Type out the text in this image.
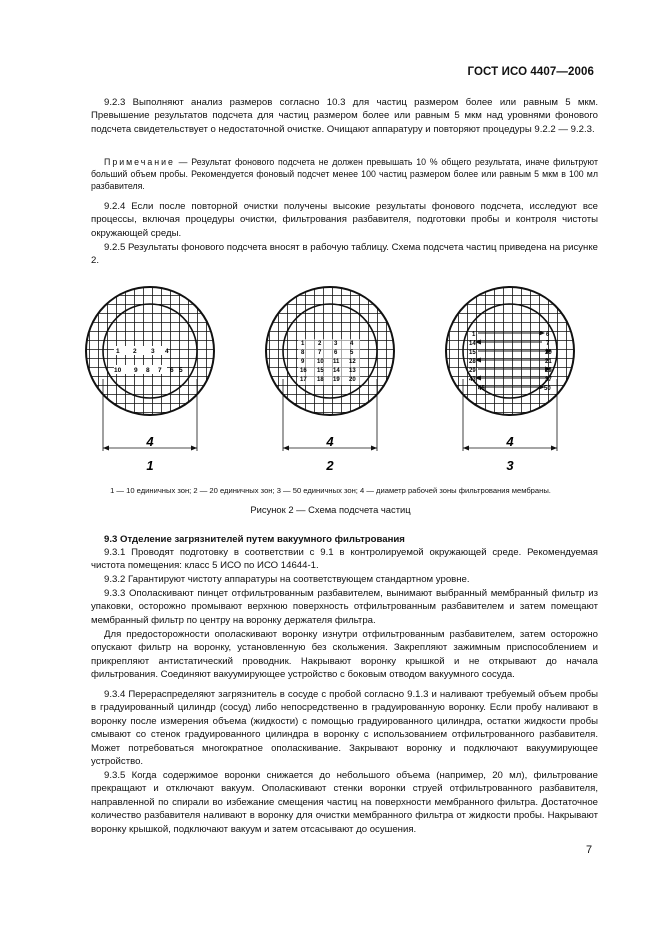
ГОСТ ИСО 4407—2006

9.2.3 Выполняют анализ размеров согласно 10.3 для частиц размером более или равным 5 мкм. Превышение результатов подсчета для частиц размером более или равным 5 мкм над уровнями фонового подсчета свидетельствует о недостаточной очистке. Очищают аппаратуру и повторяют процедуры 9.2.2 — 9.2.3.

Примечание — Результат фонового подсчета не должен превышать 10 % общего результата, иначе фильтруют больший объем пробы. Рекомендуется фоновый подсчет менее 100 частиц размером более или равным 5 мкм в 100 мл разбавителя.

9.2.4 Если после повторной очистки получены высокие результаты фонового подсчета, исследуют все процессы, включая процедуры очистки, фильтрования разбавителя, подготовки пробы и контроля чистоты окружающей среды.

9.2.5 Результаты фонового подсчета вносят в рабочую таблицу. Схема подсчета частиц приведена на рисунке 2.

1 2 3 4
10 9 8 7 6 5
4
1
1 2 3 4
8 7 6 5
9 10 11 12
16 15 14 13
17 18 19 20
4
2
1
14
15
28
29
43
45
6
7
20
21
29
37
50
4
3
1 — 10 единичных зон; 2 — 20 единичных зон; 3 — 50 единичных зон; 4 — диаметр рабочей зоны фильтрования мембраны.
Рисунок 2 — Схема подсчета частиц

9.3 Отделение загрязнителей путем вакуумного фильтрования

9.3.1 Проводят подготовку в соответствии с 9.1 в контролируемой окружающей среде. Рекомендуемая чистота помещения: класс 5 ИСО по ИСО 14644-1.

9.3.2 Гарантируют чистоту аппаратуры на соответствующем стандартном уровне.

9.3.3 Ополаскивают пинцет отфильтрованным разбавителем, вынимают выбранный мембранный фильтр из упаковки, осторожно промывают верхнюю поверхность отфильтрованным разбавителем и затем помещают мембранный фильтр по центру на воронку держателя фильтра.

Для предосторожности ополаскивают воронку изнутри отфильтрованным разбавителем, затем осторожно опускают фильтр на воронку, установленную без скольжения. Закрепляют зажимным приспособлением и прикрепляют антистатический проводник. Накрывают воронку крышкой и не открывают до начала фильтрования. Соединяют вакуумирующее устройство с боковым отводом вакуумного сосуда.

9.3.4 Перераспределяют загрязнитель в сосуде с пробой согласно 9.1.3 и наливают требуемый объем пробы в градуированный цилиндр (сосуд) либо непосредственно в градуированную воронку. Если пробу наливают в воронку после измерения объема (жидкости) с помощью градуированного цилиндра, остатки жидкости пробы смывают со стенок градуированного цилиндра в воронку с использованием отфильтрованного разбавителя. Может потребоваться многократное ополаскивание. Закрывают воронку и подключают вакуумирующее устройство.

9.3.5 Когда содержимое воронки снижается до небольшого объема (например, 20 мл), фильтрование прекращают и отключают вакуум. Ополаскивают стенки воронки струей отфильтрованного разбавителя, направленной по спирали во избежание смещения частиц на поверхности мембранного фильтра. Достаточное количество разбавителя наливают в воронку для очистки мембранного фильтра от жидкости пробы. Накрывают воронку крышкой, подключают вакуум и затем отсасывают до осушения.

7
